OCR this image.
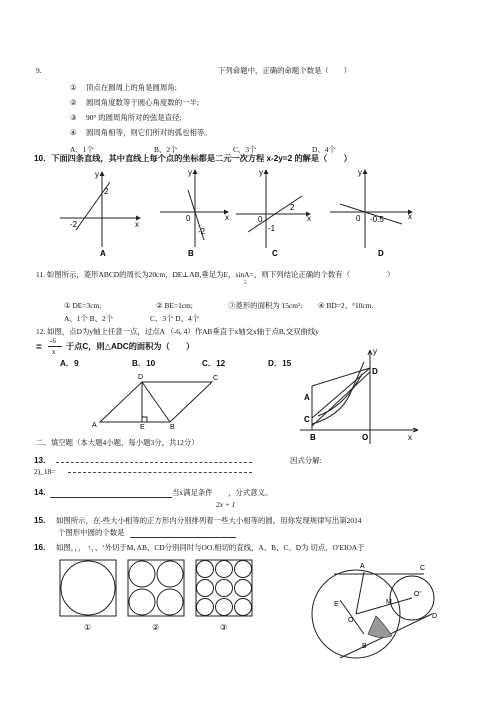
9.	下列命题中，正确的命题个数是（　　）
① 顶点在圆周上的角是圆周角;
② 圆周角度数等于圆心角度数的一半;
③ 90° 的圆周角所对的弦是直径;
④ 圆周角相等，则它们所对的弧也相等。
A、1个	B、2个	C、3个	D、4个
10．下面四条直线，其中直线上每个点的坐标都是二元一次方程 x-2y=2 的解是（　　）
-2
2
x
y
A
0
-2
x
y
B
0
-1
2
x
y
C
0 -0.5	x
y
D
11. 如图所示，菱形ABCD的周长为20cm，DE⊥AB,垂足为E，sinA= ，则下列结论正确的个数有（　　　　　）
5
① DE=3cm;	② BE=1cm;	③菱形的面积为 15cm²; ④ BD=2、°10cm.
A、1个 B、2个　　　　　C、3个 D、4个
12. 如图，点D为y轴上任意一点，过点A （-6, 4）作AB垂直于x轴交x轴于点B,交双曲线y
=
-6
x
于点C，则△ADC的面积为（　　）
A．9	B．10	C．12	D．15
D	C
A	E	B
y
D
A
C
B	O	x
二、填空题（本大题4小题，每小题3分，共12分）
13.	因式分解:
2)_18=
14.	当x满足条件 ，分式意义。
2x + 1
15. 如图所示，在-些大小相等的正方形内分别排列着一些大小相等的圆，用你发现规律写出第2014
个图形中圆的个数是
16. 如图，，， ↑，、‘外切于M, AB、CD分别同时与OO,相切的直线，A、B、C、D为 切点，O′EIOA于
①	②	③
A	C
E
O
M
O′
B
D
